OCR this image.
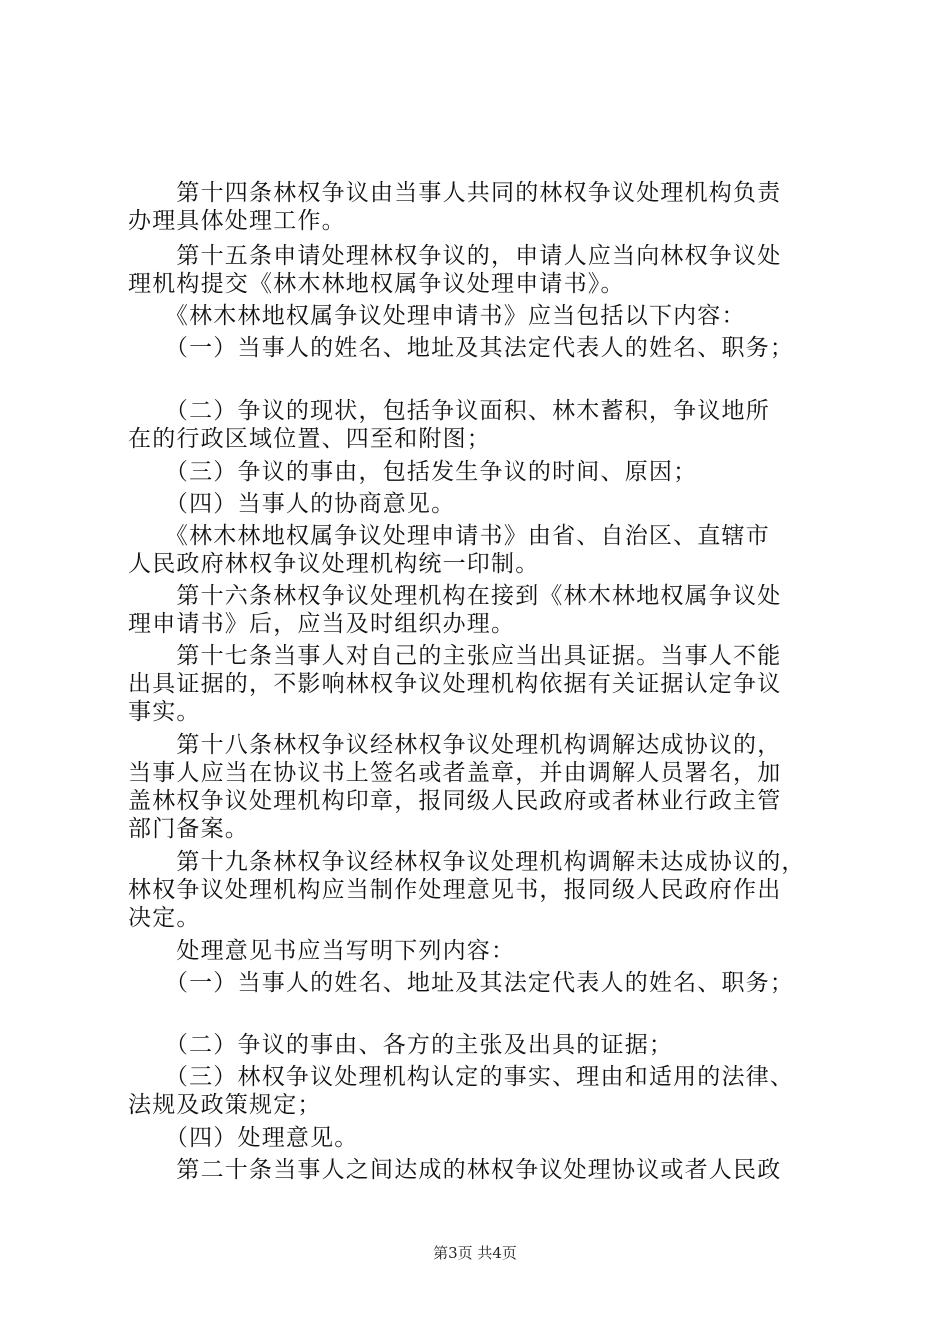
　　第十四条林权争议由当事人共同的林权争议处理机构负责
办理具体处理工作。
　　第十五条申请处理林权争议的，申请人应当向林权争议处
理机构提交《林木林地权属争议处理申请书》。
　　《林木林地权属争议处理申请书》应当包括以下内容：
　　（一）当事人的姓名、地址及其法定代表人的姓名、职务；
　　（二）争议的现状，包括争议面积、林木蓄积，争议地所
在的行政区域位置、四至和附图；
　　（三）争议的事由，包括发生争议的时间、原因；
　　（四）当事人的协商意见。
　　《林木林地权属争议处理申请书》由省、自治区、直辖市
人民政府林权争议处理机构统一印制。
　　第十六条林权争议处理机构在接到《林木林地权属争议处
理申请书》后，应当及时组织办理。
　　第十七条当事人对自己的主张应当出具证据。当事人不能
出具证据的，不影响林权争议处理机构依据有关证据认定争议
事实。
　　第十八条林权争议经林权争议处理机构调解达成协议的，
当事人应当在协议书上签名或者盖章，并由调解人员署名，加
盖林权争议处理机构印章，报同级人民政府或者林业行政主管
部门备案。
　　第十九条林权争议经林权争议处理机构调解未达成协议的，
林权争议处理机构应当制作处理意见书，报同级人民政府作出
决定。
　　处理意见书应当写明下列内容：
　　（一）当事人的姓名、地址及其法定代表人的姓名、职务；
　　（二）争议的事由、各方的主张及出具的证据；
　　（三）林权争议处理机构认定的事实、理由和适用的法律、
法规及政策规定；
　　（四）处理意见。
　　第二十条当事人之间达成的林权争议处理协议或者人民政
第3页 共4页
